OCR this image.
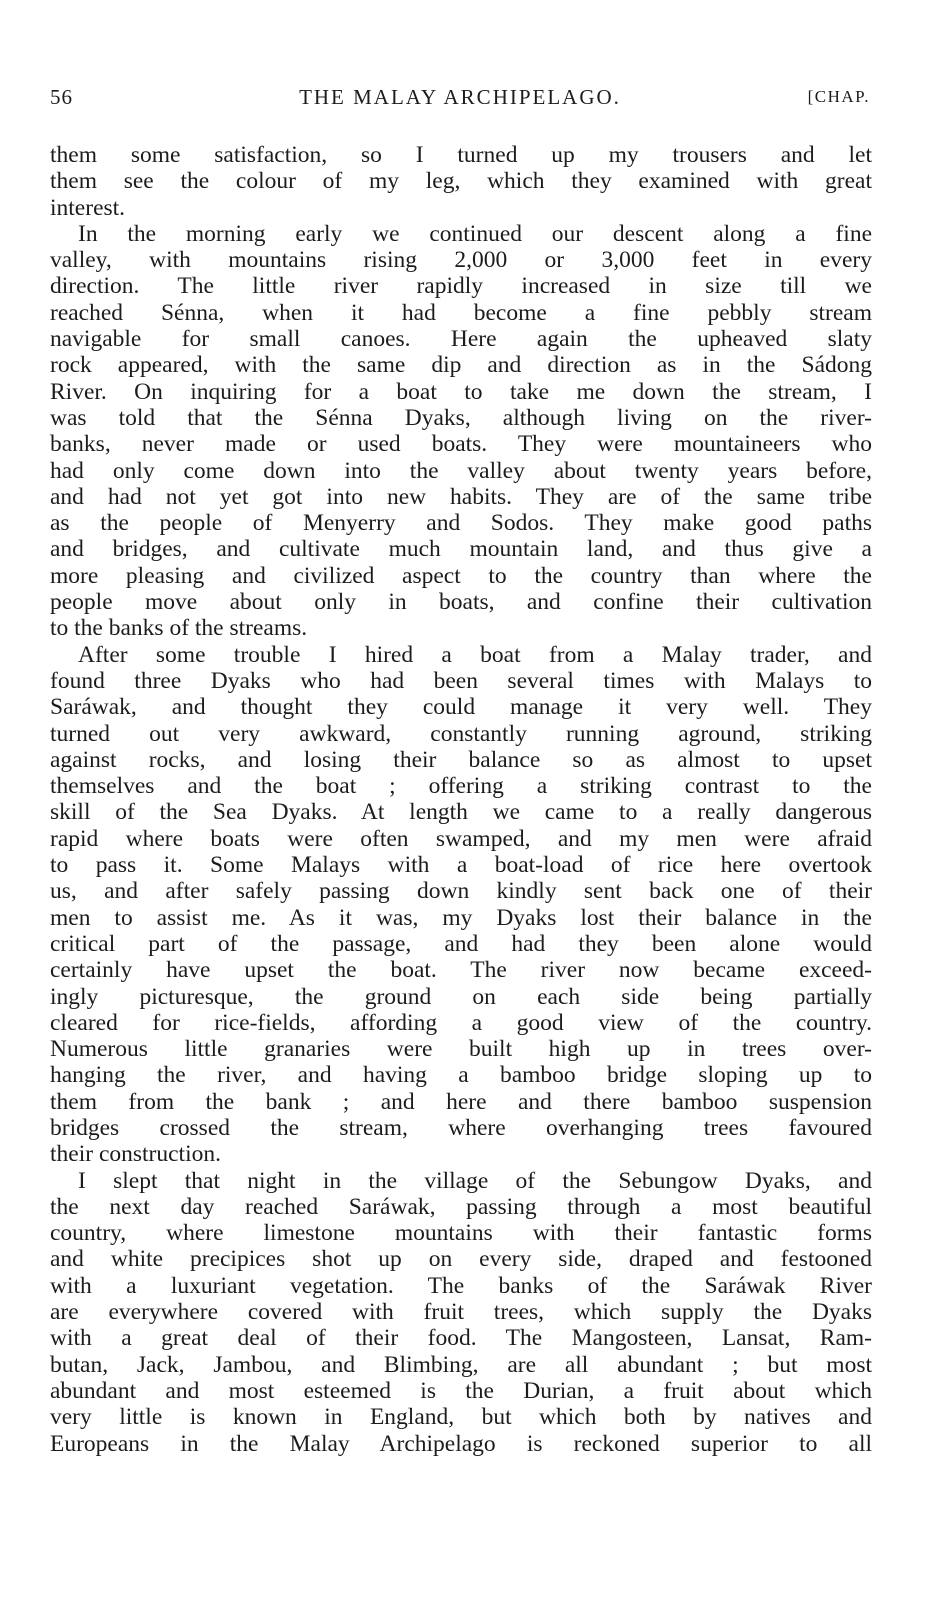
56	THE MALAY ARCHIPELAGO.	[CHAP.
them some satisfaction, so I turned up my trousers and let
them see the colour of my leg, which they examined with great
interest.
In the morning early we continued our descent along a fine
valley, with mountains rising 2,000 or 3,000 feet in every
direction. The little river rapidly increased in size till we
reached Sénna, when it had become a fine pebbly stream
navigable for small canoes. Here again the upheaved slaty
rock appeared, with the same dip and direction as in the Sádong
River. On inquiring for a boat to take me down the stream, I
was told that the Sénna Dyaks, although living on the river-
banks, never made or used boats. They were mountaineers who
had only come down into the valley about twenty years before,
and had not yet got into new habits. They are of the same tribe
as the people of Menyerry and Sodos. They make good paths
and bridges, and cultivate much mountain land, and thus give a
more pleasing and civilized aspect to the country than where the
people move about only in boats, and confine their cultivation
to the banks of the streams.
After some trouble I hired a boat from a Malay trader, and
found three Dyaks who had been several times with Malays to
Saráwak, and thought they could manage it very well. They
turned out very awkward, constantly running aground, striking
against rocks, and losing their balance so as almost to upset
themselves and the boat ; offering a striking contrast to the
skill of the Sea Dyaks. At length we came to a really dangerous
rapid where boats were often swamped, and my men were afraid
to pass it. Some Malays with a boat-load of rice here overtook
us, and after safely passing down kindly sent back one of their
men to assist me. As it was, my Dyaks lost their balance in the
critical part of the passage, and had they been alone would
certainly have upset the boat. The river now became exceed-
ingly picturesque, the ground on each side being partially
cleared for rice-fields, affording a good view of the country.
Numerous little granaries were built high up in trees over-
hanging the river, and having a bamboo bridge sloping up to
them from the bank ; and here and there bamboo suspension
bridges crossed the stream, where overhanging trees favoured
their construction.
I slept that night in the village of the Sebungow Dyaks, and
the next day reached Saráwak, passing through a most beautiful
country, where limestone mountains with their fantastic forms
and white precipices shot up on every side, draped and festooned
with a luxuriant vegetation. The banks of the Saráwak River
are everywhere covered with fruit trees, which supply the Dyaks
with a great deal of their food. The Mangosteen, Lansat, Ram-
butan, Jack, Jambou, and Blimbing, are all abundant ; but most
abundant and most esteemed is the Durian, a fruit about which
very little is known in England, but which both by natives and
Europeans in the Malay Archipelago is reckoned superior to all
